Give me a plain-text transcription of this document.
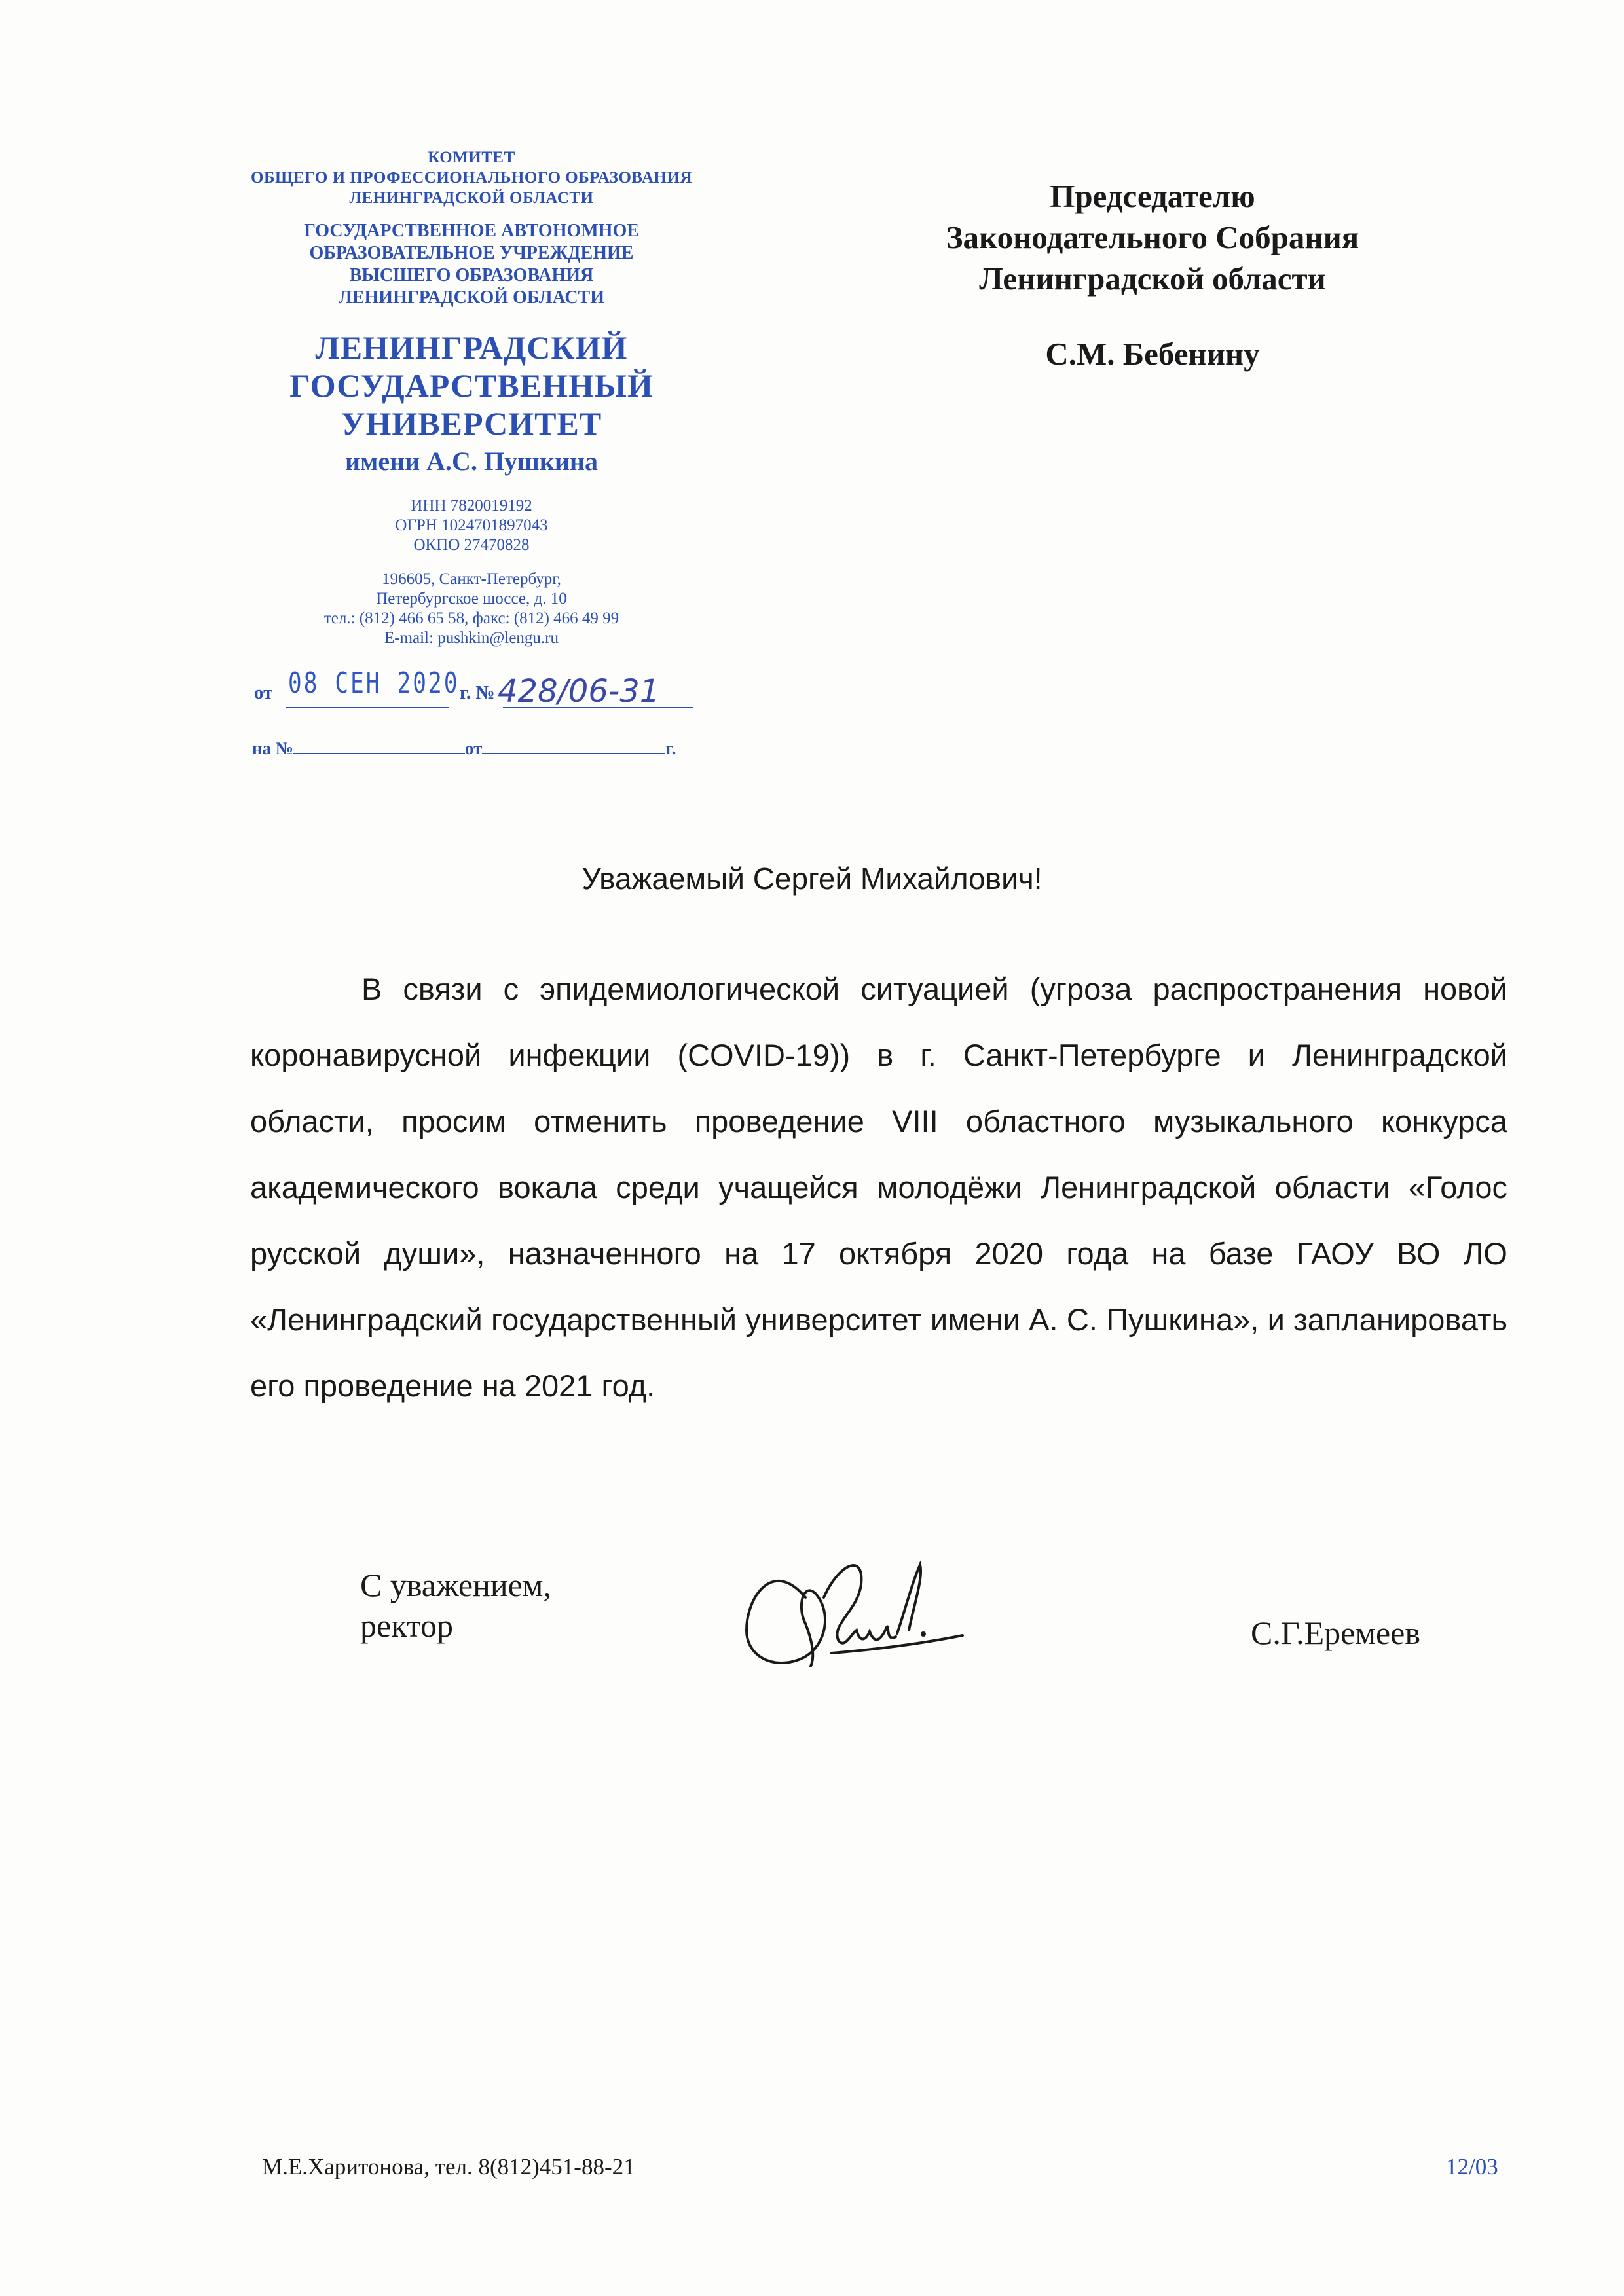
КОМИТЕТ
ОБЩЕГО И ПРОФЕССИОНАЛЬНОГО ОБРАЗОВАНИЯ
ЛЕНИНГРАДСКОЙ ОБЛАСТИ
ГОСУДАРСТВЕННОЕ АВТОНОМНОЕ
ОБРАЗОВАТЕЛЬНОЕ УЧРЕЖДЕНИЕ
ВЫСШЕГО ОБРАЗОВАНИЯ
ЛЕНИНГРАДСКОЙ ОБЛАСТИ
ЛЕНИНГРАДСКИЙ
ГОСУДАРСТВЕННЫЙ
УНИВЕРСИТЕТ
имени А.С. Пушкина
ИНН 7820019192
ОГРН 1024701897043
ОКПО 27470828
196605, Санкт-Петербург,
Петербургское шоссе, д. 10
тел.: (812) 466 65 58, факс: (812) 466 49 99
E-mail: pushkin@lengu.ru
от 08 СЕН 2020 г. № 428/06-31
на №	от	г.
Председателю
Законодательного Собрания
Ленинградской области
С.М. Бебенину
Уважаемый Сергей Михайлович!
В связи с эпидемиологической ситуацией (угроза распространения новой коронавирусной инфекции (COVID-19)) в г. Санкт-Петербурге и Ленинградской области, просим отменить проведение VIII областного музыкального конкурса академического вокала среди учащейся молодёжи Ленинградской области «Голос русской души», назначенного на 17 октября 2020 года на базе ГАОУ ВО ЛО «Ленинградский государственный университет имени А. С. Пушкина», и запланировать его проведение на 2021 год.
С уважением,
ректор	С.Г.Еремеев
М.Е.Харитонова, тел. 8(812)451-88-21	12/03
